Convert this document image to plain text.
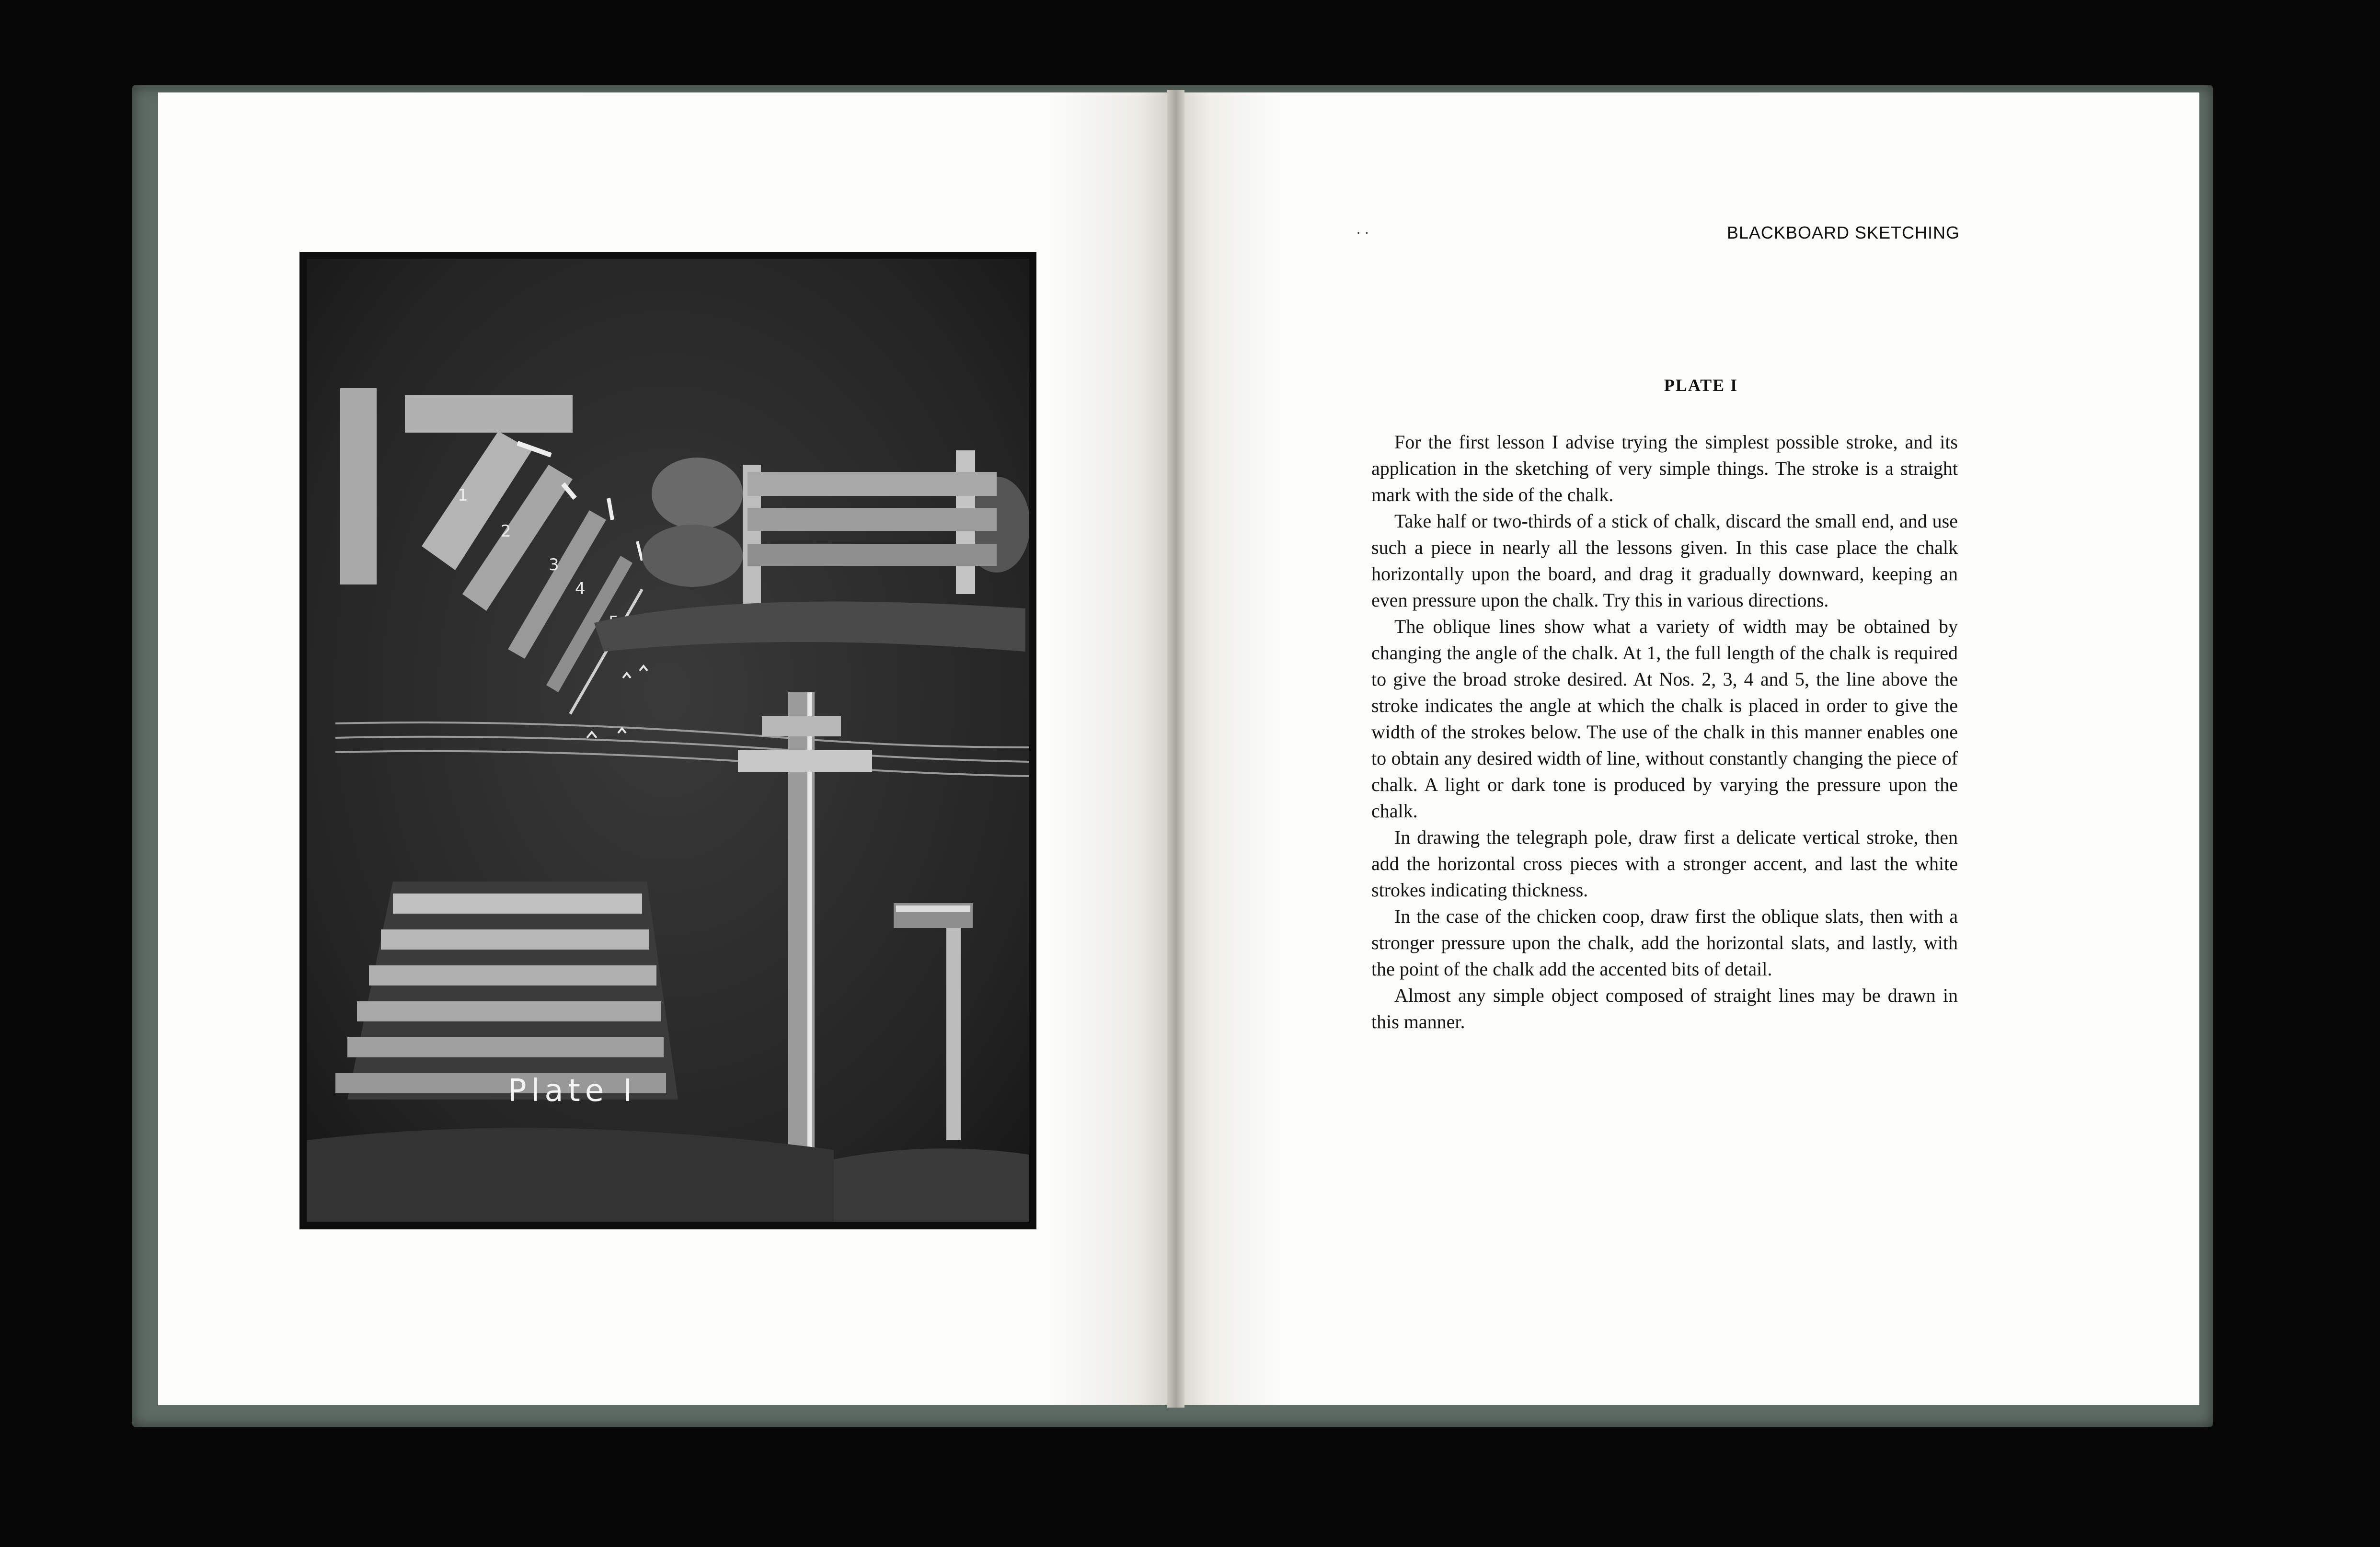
1
2
3
4
Plate I
· ·	BLACKBOARD SKETCHING
PLATE I

For the first lesson I advise trying the simplest possible stroke, and its application in the sketching of very simple things. The stroke is a straight mark with the side of the chalk.

Take half or two-thirds of a stick of chalk, discard the small end, and use such a piece in nearly all the lessons given. In this case place the chalk horizontally upon the board, and drag it gradually downward, keeping an even pressure upon the chalk. Try this in various directions.

The oblique lines show what a variety of width may be obtained by changing the angle of the chalk. At 1, the full length of the chalk is required to give the broad stroke desired. At Nos. 2, 3, 4 and 5, the line above the stroke indicates the angle at which the chalk is placed in order to give the width of the strokes below. The use of the chalk in this manner enables one to obtain any desired width of line, without constantly changing the piece of chalk. A light or dark tone is produced by varying the pressure upon the chalk.

In drawing the telegraph pole, draw first a delicate vertical stroke, then add the horizontal cross pieces with a stronger accent, and last the white strokes indicating thickness.

In the case of the chicken coop, draw first the oblique slats, then with a stronger pressure upon the chalk, add the horizontal slats, and lastly, with the point of the chalk add the accented bits of detail.

Almost any simple object composed of straight lines may be drawn in this manner.
